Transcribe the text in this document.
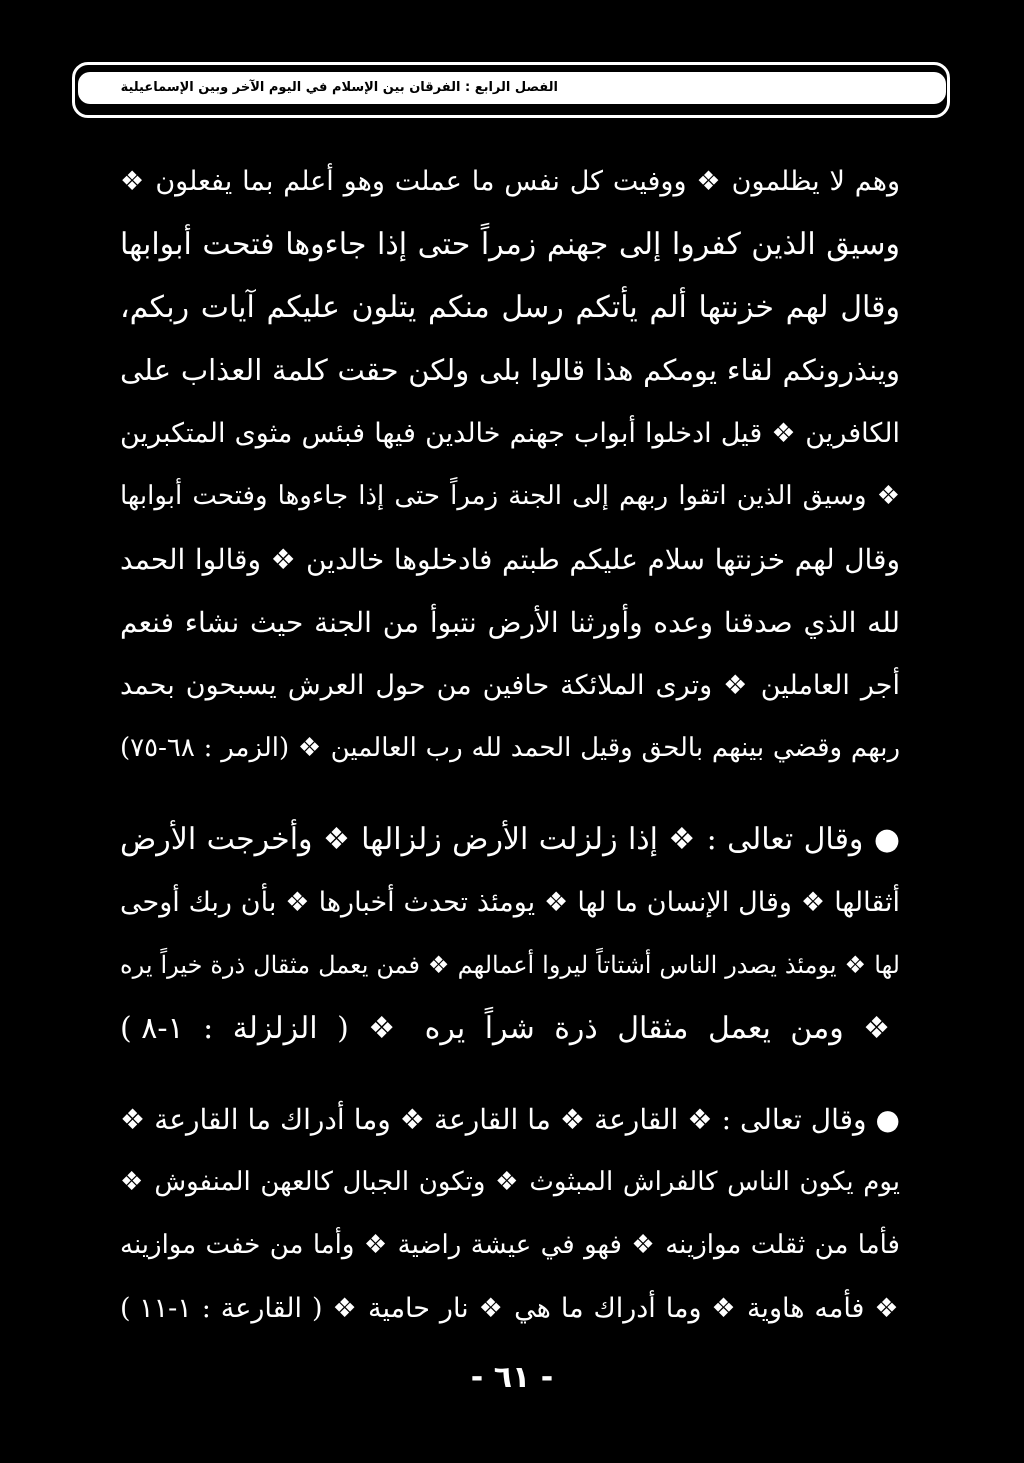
الفصل الرابع : الفرقان بين الإسلام في اليوم الآخر وبين الإسماعيلية
وهم لا يظلمون ❖ ووفيت كل نفس ما عملت وهو أعلم بما يفعلون ❖
وسيق الذين كفروا إلى جهنم زمراً حتى إذا جاءوها فتحت أبوابها
وقال لهم خزنتها ألم يأتكم رسل منكم يتلون عليكم آيات ربكم،
وينذرونكم لقاء يومكم هذا قالوا بلى ولكن حقت كلمة العذاب على
الكافرين ❖ قيل ادخلوا أبواب جهنم خالدين فيها فبئس مثوى المتكبرين
❖ وسيق الذين اتقوا ربهم إلى الجنة زمراً حتى إذا جاءوها وفتحت أبوابها
وقال لهم خزنتها سلام عليكم طبتم فادخلوها خالدين ❖ وقالوا الحمد
لله الذي صدقنا وعده وأورثنا الأرض نتبوأ من الجنة حيث نشاء فنعم
أجر العاملين ❖ وترى الملائكة حافين من حول العرش يسبحون بحمد
ربهم وقضي بينهم بالحق وقيل الحمد لله رب العالمين ❖ (الزمر : ٦٨-٧٥)
● وقال تعالى : ❖ إذا زلزلت الأرض زلزالها ❖ وأخرجت الأرض
أثقالها ❖ وقال الإنسان ما لها ❖ يومئذ تحدث أخبارها ❖ بأن ربك أوحى
لها ❖ يومئذ يصدر الناس أشتاتاً ليروا أعمالهم ❖ فمن يعمل مثقال ذرة خيراً يره
❖ ومن يعمل مثقال ذرة شراً يره ❖ ( الزلزلة : ١-٨ )
● وقال تعالى : ❖ القارعة ❖ ما القارعة ❖ وما أدراك ما القارعة ❖
يوم يكون الناس كالفراش المبثوث ❖ وتكون الجبال كالعهن المنفوش ❖
فأما من ثقلت موازينه ❖ فهو في عيشة راضية ❖ وأما من خفت موازينه
❖ فأمه هاوية ❖ وما أدراك ما هي ❖ نار حامية ❖ ( القارعة : ١-١١ )
- ٦١ -
